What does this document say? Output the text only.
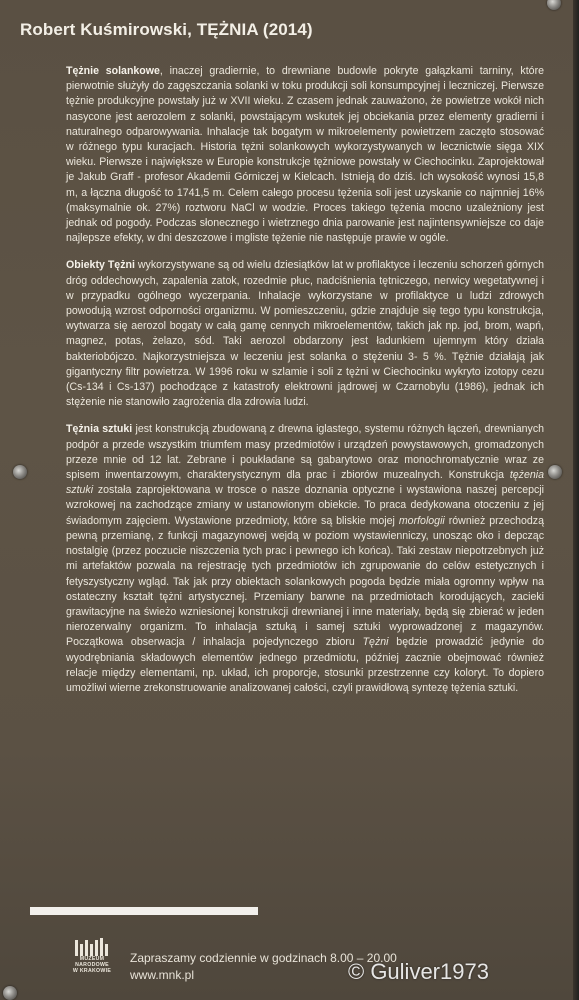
Robert Kuśmirowski, TĘŻNIA (2014)

Tężnie solankowe, inaczej gradiernie, to drewniane budowle pokryte gałązkami tarniny, które pierwotnie służyły do zagęszczania solanki w toku produkcji soli konsumpcyjnej i leczniczej. Pierwsze tężnie produkcyjne powstały już w XVII wieku. Z czasem jednak zauważono, że powietrze wokół nich nasycone jest aerozolem z solanki, powstającym wskutek jej obciekania przez elementy gradierni i naturalnego odparowywania. Inhalacje tak bogatym w mikroelementy powietrzem zaczęto stosować w różnego typu kuracjach. Historia tężni solankowych wykorzystywanych w lecznictwie sięga XIX wieku. Pierwsze i największe w Europie konstrukcje tężniowe powstały w Ciechocinku. Zaprojektował je Jakub Graff - profesor Akademii Górniczej w Kielcach. Istnieją do dziś. Ich wysokość wynosi 15,8 m, a łączna długość to 1741,5 m. Celem całego procesu tężenia soli jest uzyskanie co najmniej 16% (maksymalnie ok. 27%) roztworu NaCl w wodzie. Proces takiego tężenia mocno uzależniony jest jednak od pogody. Podczas słonecznego i wietrznego dnia parowanie jest najintensywniejsze co daje najlepsze efekty, w dni deszczowe i mgliste tężenie nie następuje prawie w ogóle.

Obiekty Tężni wykorzystywane są od wielu dziesiątków lat w profilaktyce i leczeniu schorzeń górnych dróg oddechowych, zapalenia zatok, rozedmie płuc, nadciśnienia tętniczego, nerwicy wegetatywnej i w przypadku ogólnego wyczerpania. Inhalacje wykorzystane w profilaktyce u ludzi zdrowych powodują wzrost odporności organizmu. W pomieszczeniu, gdzie znajduje się tego typu konstrukcja, wytwarza się aerozol bogaty w całą gamę cennych mikroelementów, takich jak np. jod, brom, wapń, magnez, potas, żelazo, sód. Taki aerozol obdarzony jest ładunkiem ujemnym który działa bakteriobójczo. Najkorzystniejsza w leczeniu jest solanka o stężeniu 3- 5 %. Tężnie działają jak gigantyczny filtr powietrza. W 1996 roku w szlamie i soli z tężni w Ciechocinku wykryto izotopy cezu (Cs-134 i Cs-137) pochodzące z katastrofy elektrowni jądrowej w Czarnobylu (1986), jednak ich stężenie nie stanowiło zagrożenia dla zdrowia ludzi.

Tężnia sztuki jest konstrukcją zbudowaną z drewna iglastego, systemu różnych łączeń, drewnianych podpór a przede wszystkim triumfem masy przedmiotów i urządzeń powystawowych, gromadzonych przeze mnie od 12 lat. Zebrane i poukładane są gabarytowo oraz monochromatycznie wraz ze spisem inwentarzowym, charakterystycznym dla prac i zbiorów muzealnych. Konstrukcja tężenia sztuki została zaprojektowana w trosce o nasze doznania optyczne i wystawiona naszej percepcji wzrokowej na zachodzące zmiany w ustanowionym obiekcie. To praca dedykowana otoczeniu z jej świadomym zajęciem. Wystawione przedmioty, które są bliskie mojej morfologii również przechodzą pewną przemianę, z funkcji magazynowej wejdą w poziom wystawienniczy, unosząc oko i depcząc nostalgię (przez poczucie niszczenia tych prac i pewnego ich końca). Taki zestaw niepotrzebnych już mi artefaktów pozwala na rejestrację tych przedmiotów ich zgrupowanie do celów estetycznych i fetyszystyczny wgląd. Tak jak przy obiektach solankowych pogoda będzie miała ogromny wpływ na ostateczny kształt tężni artystycznej. Przemiany barwne na przedmiotach korodujących, zacieki grawitacyjne na świeżo wzniesionej konstrukcji drewnianej i inne materiały, będą się zbierać w jeden nierozerwalny organizm. To inhalacja sztuką i samej sztuki wyprowadzonej z magazynów. Początkowa obserwacja / inhalacja pojedynczego zbioru Tężni będzie prowadzić jedynie do wyodrębniania składowych elementów jednego przedmiotu, później zacznie obejmować również relacje między elementami, np. układ, ich proporcje, stosunki przestrzenne czy koloryt. To dopiero umożliwi wierne zrekonstruowanie analizowanej całości, czyli prawidłową syntezę tężenia sztuki.

MUZEUM
NARODOWE
W KRAKOWIE
Zapraszamy codziennie w godzinach 8.00 – 20.00
www.mnk.pl	© Guliver1973
